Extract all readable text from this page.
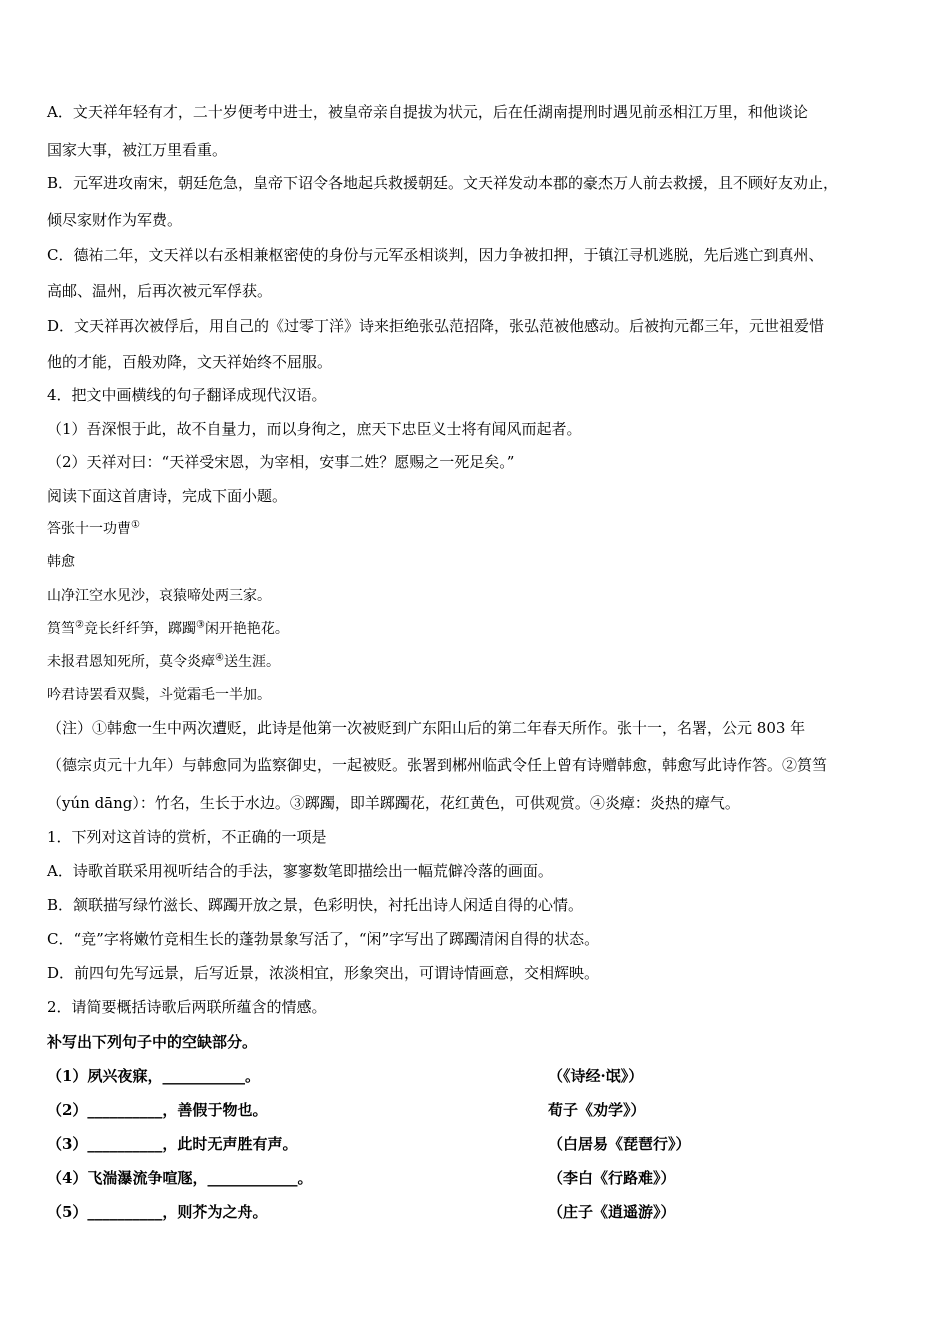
A．文天祥年轻有才，二十岁便考中进士，被皇帝亲自提拔为状元，后在任湖南提刑时遇见前丞相江万里，和他谈论
国家大事，被江万里看重。
B．元军进攻南宋，朝廷危急，皇帝下诏令各地起兵救援朝廷。文天祥发动本郡的豪杰万人前去救援，且不顾好友劝止，
倾尽家财作为军费。
C．德祐二年，文天祥以右丞相兼枢密使的身份与元军丞相谈判，因力争被扣押，于镇江寻机逃脱，先后逃亡到真州、
高邮、温州，后再次被元军俘获。
D．文天祥再次被俘后，用自己的《过零丁洋》诗来拒绝张弘范招降，张弘范被他感动。后被拘元都三年，元世祖爱惜
他的才能，百般劝降，文天祥始终不屈服。
4．把文中画横线的句子翻译成现代汉语。
（1）吾深恨于此，故不自量力，而以身徇之，庶天下忠臣义士将有闻风而起者。
（2）天祥对曰：“天祥受宋恩，为宰相，安事二姓？愿赐之一死足矣。”
阅读下面这首唐诗，完成下面小题。
答张十一功曹①
韩愈
山净江空水见沙，哀猿啼处两三家。
筼筜②竞长纤纤笋，踯躅③闲开艳艳花。
未报君恩知死所，莫令炎瘴④送生涯。
吟君诗罢看双鬓，斗觉霜毛一半加。
（注）①韩愈一生中两次遭贬，此诗是他第一次被贬到广东阳山后的第二年春天所作。张十一，名署，公元 803 年
（德宗贞元十九年）与韩愈同为监察御史，一起被贬。张署到郴州临武令任上曾有诗赠韩愈，韩愈写此诗作答。②筼筜
（yún dāng）：竹名，生长于水边。③踯躅，即羊踯躅花，花红黄色，可供观赏。④炎瘴：炎热的瘴气。
1．下列对这首诗的赏析，不正确的一项是
A．诗歌首联采用视听结合的手法，寥寥数笔即描绘出一幅荒僻冷落的画面。
B．颔联描写绿竹滋长、踯躅开放之景，色彩明快，衬托出诗人闲适自得的心情。
C．“竞”字将嫩竹竞相生长的蓬勃景象写活了，“闲”字写出了踯躅清闲自得的状态。
D．前四句先写远景，后写近景，浓淡相宜，形象突出，可谓诗情画意，交相辉映。
2．请简要概括诗歌后两联所蕴含的情感。
补写出下列句子中的空缺部分。
（1）夙兴夜寐，___________。	（《诗经·氓》）
（2）__________，善假于物也。	荀子《劝学》）
（3）__________，此时无声胜有声。	（白居易《琵琶行》）
（4）飞湍瀑流争喧豗，____________。	（李白《行路难》）
（5）__________，则芥为之舟。	（庄子《逍遥游》）
